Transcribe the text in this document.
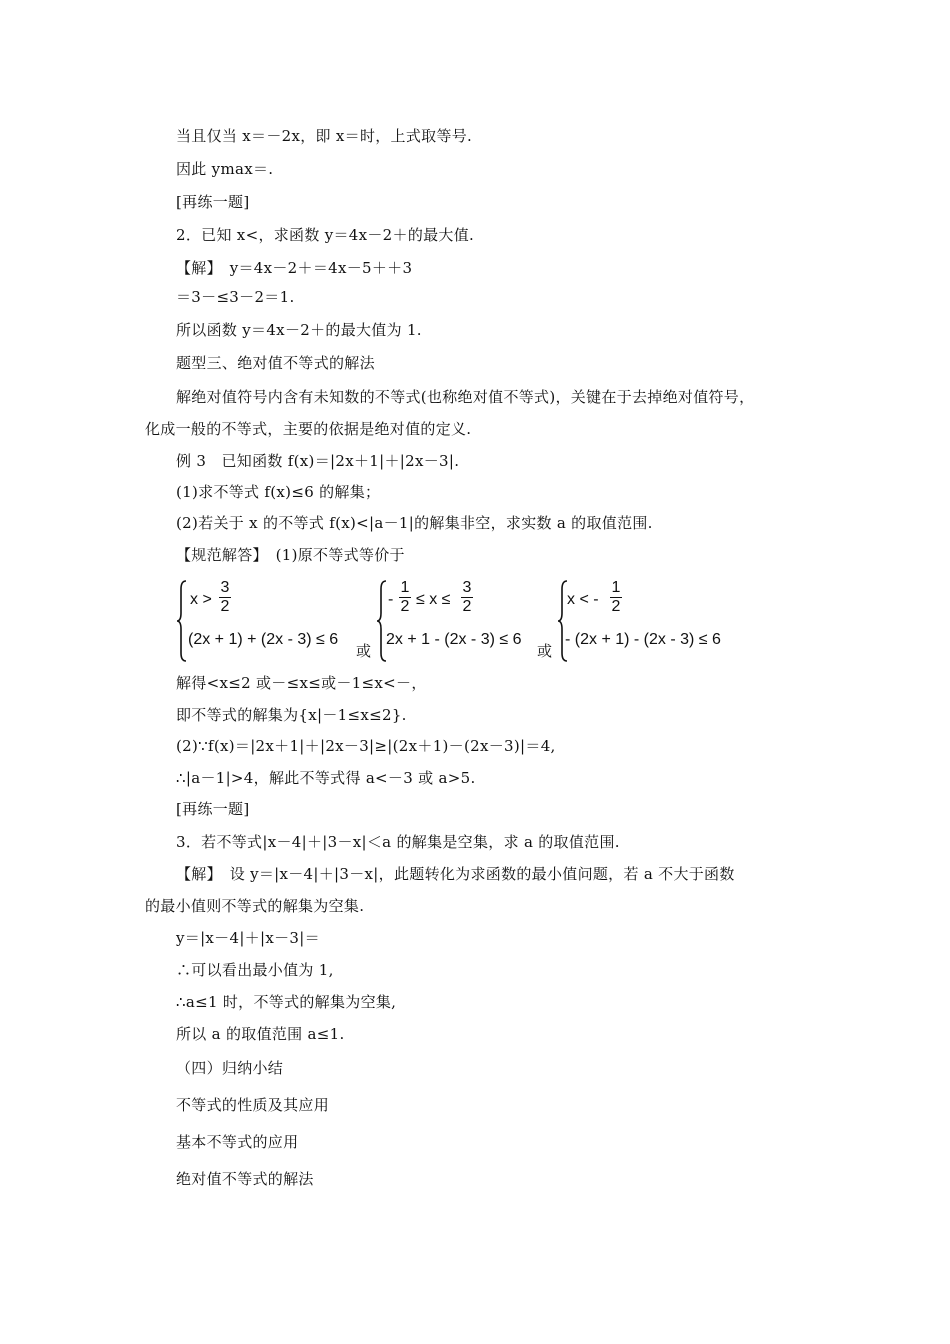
当且仅当 x＝－2x，即 x＝时，上式取等号.
因此 ymax＝.
[再练一题]
2．已知 x<，求函数 y＝4x－2＋的最大值.
【解】　y＝4x－2＋＝4x－5＋＋3
＝3－≤3－2＝1.
所以函数 y＝4x－2＋的最大值为 1.
题型三、绝对值不等式的解法
解绝对值符号内含有未知数的不等式(也称绝对值不等式)，关键在于去掉绝对值符号，
化成一般的不等式，主要的依据是绝对值的定义.
例 3　已知函数 f(x)＝|2x＋1|＋|2x－3|.
(1)求不等式 f(x)≤6 的解集；
(2)若关于 x 的不等式 f(x)<|a－1|的解集非空，求实数 a 的取值范围.
【规范解答】　(1)原不等式等价于
x >
3
2
(2x + 1) + (2x - 3) ≤ 6
或
-
1
2 ≤ x ≤
3
2
2x + 1 - (2x - 3) ≤ 6
或
x < -
1
2
- (2x + 1) - (2x - 3) ≤ 6
解得<x≤2 或－≤x≤或－1≤x<－，
即不等式的解集为{x|－1≤x≤2}.
(2)∵f(x)＝|2x＋1|＋|2x－3|≥|(2x＋1)－(2x－3)|＝4,
∴|a－1|>4，解此不等式得 a<－3 或 a>5.
[再练一题]
3．若不等式|x－4|＋|3－x|＜a 的解集是空集，求 a 的取值范围.
【解】　设 y＝|x－4|＋|3－x|，此题转化为求函数的最小值问题，若 a 不大于函数
的最小值则不等式的解集为空集.
y＝|x－4|＋|x－3|＝
∴可以看出最小值为 1,
∴a≤1 时，不等式的解集为空集,
所以 a 的取值范围 a≤1.
（四）归纳小结
不等式的性质及其应用
基本不等式的应用
绝对值不等式的解法
